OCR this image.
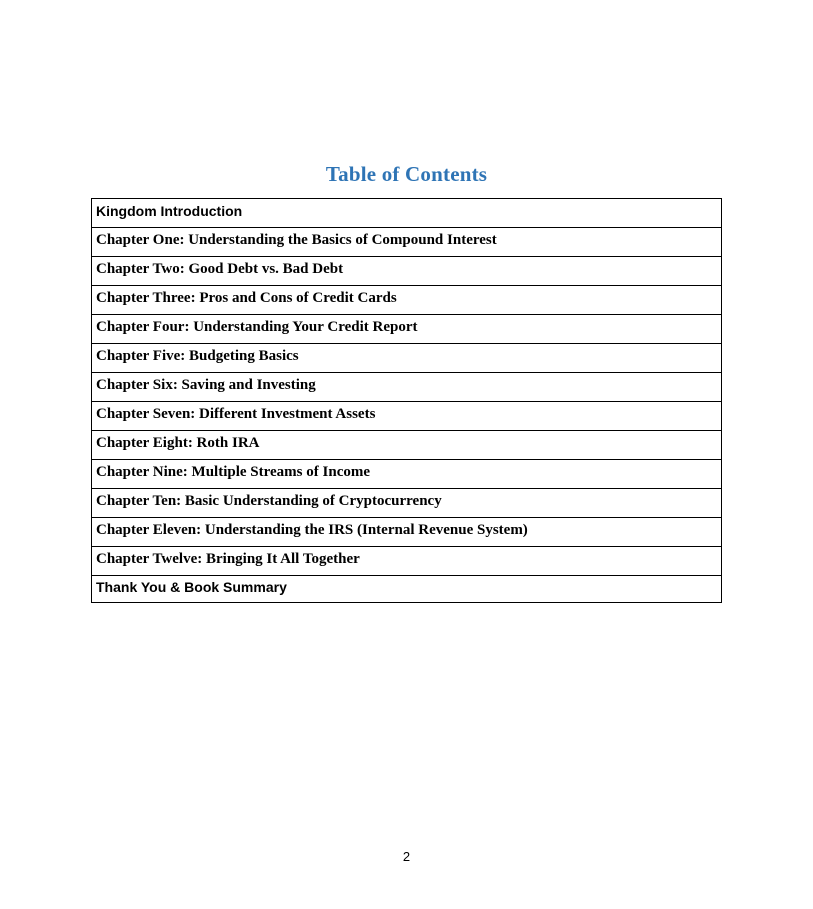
Table of Contents
Kingdom Introduction
Chapter One: Understanding the Basics of Compound Interest
Chapter Two: Good Debt vs. Bad Debt
Chapter Three: Pros and Cons of Credit Cards
Chapter Four: Understanding Your Credit Report
Chapter Five: Budgeting Basics
Chapter Six: Saving and Investing
Chapter Seven: Different Investment Assets
Chapter Eight: Roth IRA
Chapter Nine: Multiple Streams of Income
Chapter Ten: Basic Understanding of Cryptocurrency
Chapter Eleven: Understanding the IRS (Internal Revenue System)
Chapter Twelve: Bringing It All Together
Thank You & Book Summary
2
